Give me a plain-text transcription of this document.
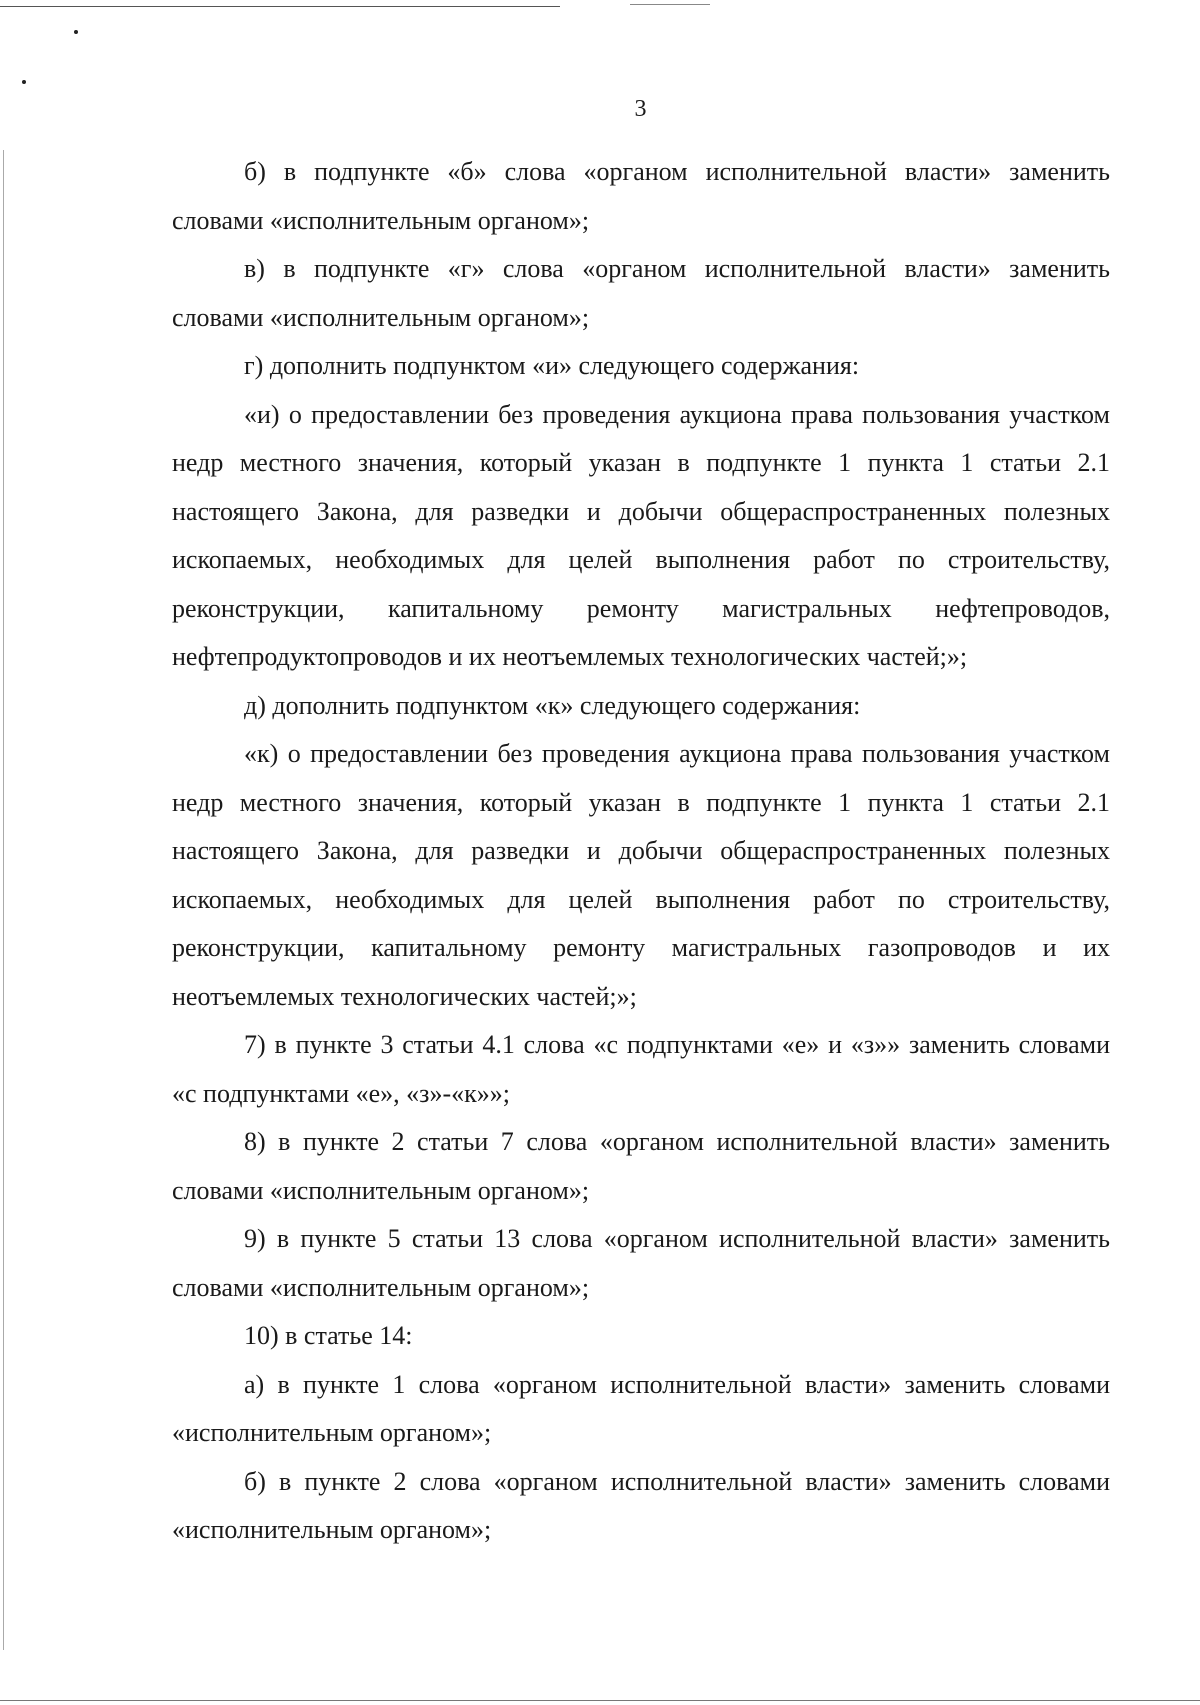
3

б) в подпункте «б» слова «органом исполнительной власти» заменить словами «исполнительным органом»;

в) в подпункте «г» слова «органом исполнительной власти» заменить словами «исполнительным органом»;

г) дополнить подпунктом «и» следующего содержания:

«и) о предоставлении без проведения аукциона права пользования участком недр местного значения, который указан в подпункте 1 пункта 1 статьи 2.1 настоящего Закона, для разведки и добычи общераспространенных полезных ископаемых, необходимых для целей выполнения работ по строительству, реконструкции, капитальному ремонту магистральных нефтепроводов, нефтепродуктопроводов и их неотъемлемых технологических частей;»;

д) дополнить подпунктом «к» следующего содержания:

«к) о предоставлении без проведения аукциона права пользования участком недр местного значения, который указан в подпункте 1 пункта 1 статьи 2.1 настоящего Закона, для разведки и добычи общераспространенных полезных ископаемых, необходимых для целей выполнения работ по строительству, реконструкции, капитальному ремонту магистральных газопроводов и их неотъемлемых технологических частей;»;

7) в пункте 3 статьи 4.1 слова «с подпунктами «е» и «з»» заменить словами «с подпунктами «е», «з»-«к»»;

8) в пункте 2 статьи 7 слова «органом исполнительной власти» заменить словами «исполнительным органом»;

9) в пункте 5 статьи 13 слова «органом исполнительной власти» заменить словами «исполнительным органом»;

10) в статье 14:

а) в пункте 1 слова «органом исполнительной власти» заменить словами «исполнительным органом»;

б) в пункте 2 слова «органом исполнительной власти» заменить словами «исполнительным органом»;
